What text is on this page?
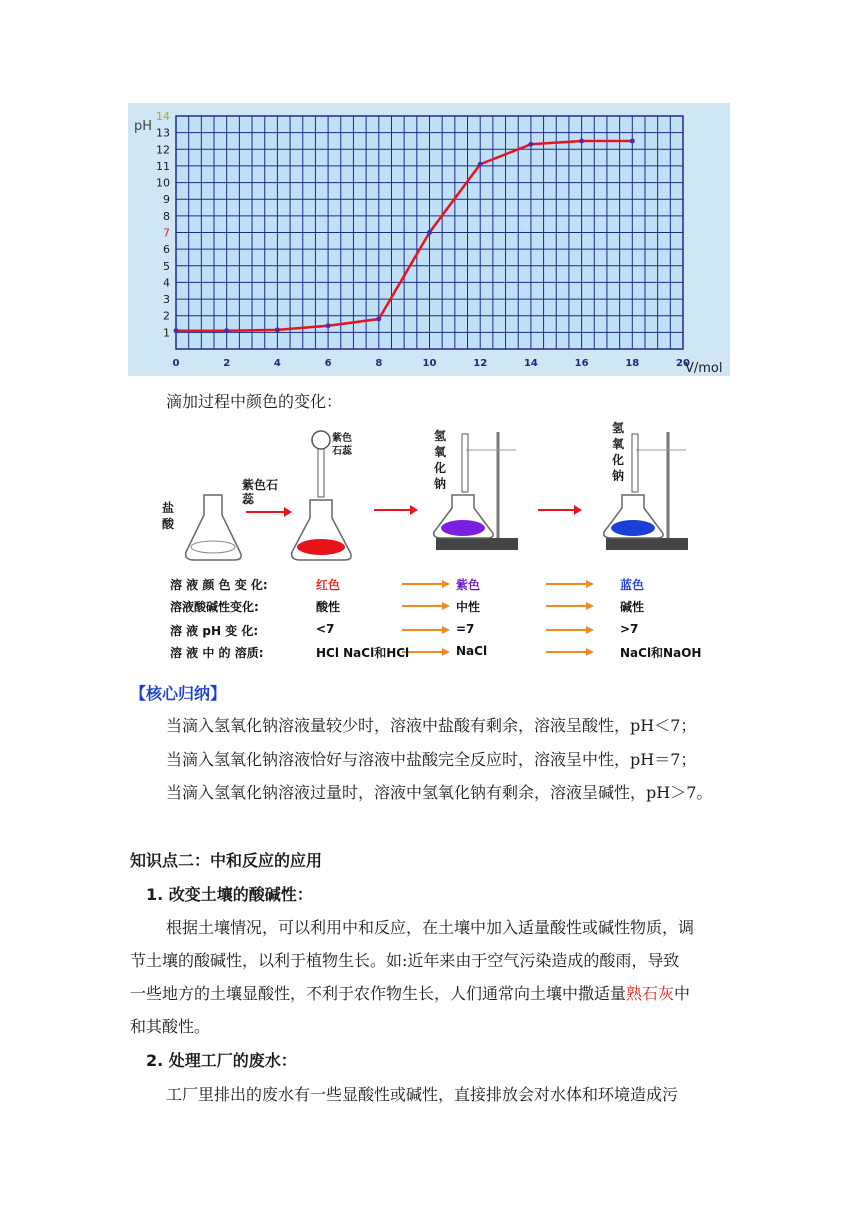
0	2	4	6	8	10	12	14	16	18	20
1
2
3
4
5
6
7
8
9
10
11
12
13
14
pH
V/mol
滴加过程中颜色的变化：
盐酸
紫色石蕊
紫色石蕊
氢氧化钠
氢氧化钠
溶 液 颜 色 变 化:	红色	紫色	蓝色
溶液酸碱性变化:	酸性	中性	碱性
溶 液 pH 变 化:	<7	=7	>7
溶 液 中 的 溶质:	HCl NaCl和HCl	NaCl	NaCl和NaOH
【核心归纳】
当滴入氢氧化钠溶液量较少时，溶液中盐酸有剩余，溶液呈酸性，pH＜7；
当滴入氢氧化钠溶液恰好与溶液中盐酸完全反应时，溶液呈中性，pH＝7；
当滴入氢氧化钠溶液过量时，溶液中氢氧化钠有剩余，溶液呈碱性，pH＞7。
知识点二：中和反应的应用
1. 改变土壤的酸碱性：
根据土壤情况，可以利用中和反应，在土壤中加入适量酸性或碱性物质，调
节土壤的酸碱性，以利于植物生长。如:近年来由于空气污染造成的酸雨，导致
一些地方的土壤显酸性，不利于农作物生长，人们通常向土壤中撒适量熟石灰中
和其酸性。
2. 处理工厂的废水：
工厂里排出的废水有一些显酸性或碱性，直接排放会对水体和环境造成污
